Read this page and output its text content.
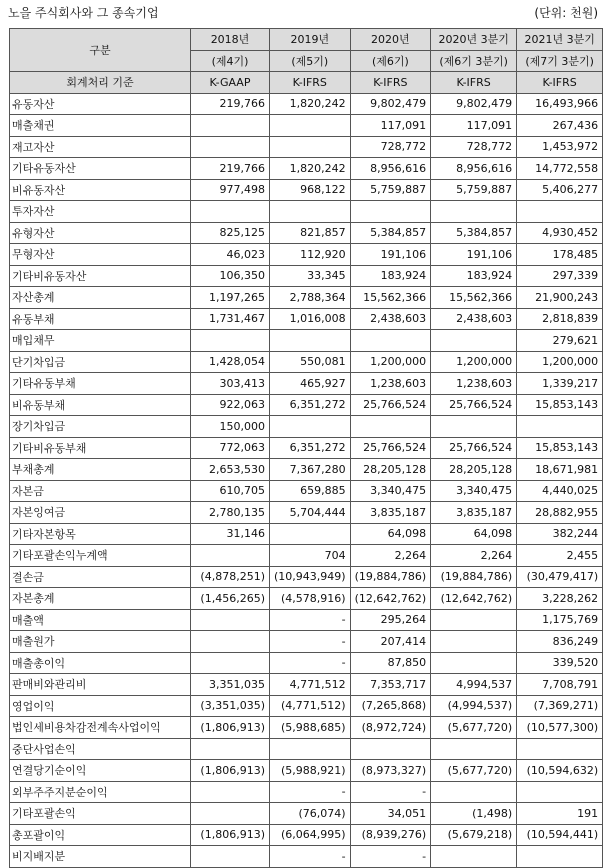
노을 주식회사와 그 종속기업	(단위: 천원)
구분	2018년	2019년	2020년	2020년 3분기	2021년 3분기
	(제4기)	(제5기)	(제6기)	(제6기 3분기)	(제7기 3분기)
회계처리 기준	K-GAAP	K-IFRS	K-IFRS	K-IFRS	K-IFRS
유동자산	219,766	1,820,242	9,802,479	9,802,479	16,493,966
매출채권			117,091	117,091	267,436
재고자산			728,772	728,772	1,453,972
기타유동자산	219,766	1,820,242	8,956,616	8,956,616	14,772,558
비유동자산	977,498	968,122	5,759,887	5,759,887	5,406,277
투자자산					
유형자산	825,125	821,857	5,384,857	5,384,857	4,930,452
무형자산	46,023	112,920	191,106	191,106	178,485
기타비유동자산	106,350	33,345	183,924	183,924	297,339
자산총계	1,197,265	2,788,364	15,562,366	15,562,366	21,900,243
유동부채	1,731,467	1,016,008	2,438,603	2,438,603	2,818,839
매입채무					279,621
단기차입금	1,428,054	550,081	1,200,000	1,200,000	1,200,000
기타유동부채	303,413	465,927	1,238,603	1,238,603	1,339,217
비유동부채	922,063	6,351,272	25,766,524	25,766,524	15,853,143
장기차입금	150,000				
기타비유동부채	772,063	6,351,272	25,766,524	25,766,524	15,853,143
부채총계	2,653,530	7,367,280	28,205,128	28,205,128	18,671,981
자본금	610,705	659,885	3,340,475	3,340,475	4,440,025
자본잉여금	2,780,135	5,704,444	3,835,187	3,835,187	28,882,955
기타자본항목	31,146		64,098	64,098	382,244
기타포괄손익누계액		704	2,264	2,264	2,455
결손금	(4,878,251)	(10,943,949)	(19,884,786)	(19,884,786)	(30,479,417)
자본총계	(1,456,265)	(4,578,916)	(12,642,762)	(12,642,762)	3,228,262
매출액		-	295,264		1,175,769
매출원가		-	207,414		836,249
매출총이익		-	87,850		339,520
판매비와관리비	3,351,035	4,771,512	7,353,717	4,994,537	7,708,791
영업이익	(3,351,035)	(4,771,512)	(7,265,868)	(4,994,537)	(7,369,271)
법인세비용차감전계속사업이익	(1,806,913)	(5,988,685)	(8,972,724)	(5,677,720)	(10,577,300)
중단사업손익					
연결당기순이익	(1,806,913)	(5,988,921)	(8,973,327)	(5,677,720)	(10,594,632)
외부주주지분순이익		-	-		
기타포괄손익		(76,074)	34,051	(1,498)	191
총포괄이익	(1,806,913)	(6,064,995)	(8,939,276)	(5,679,218)	(10,594,441)
비지배지분		-	-		
